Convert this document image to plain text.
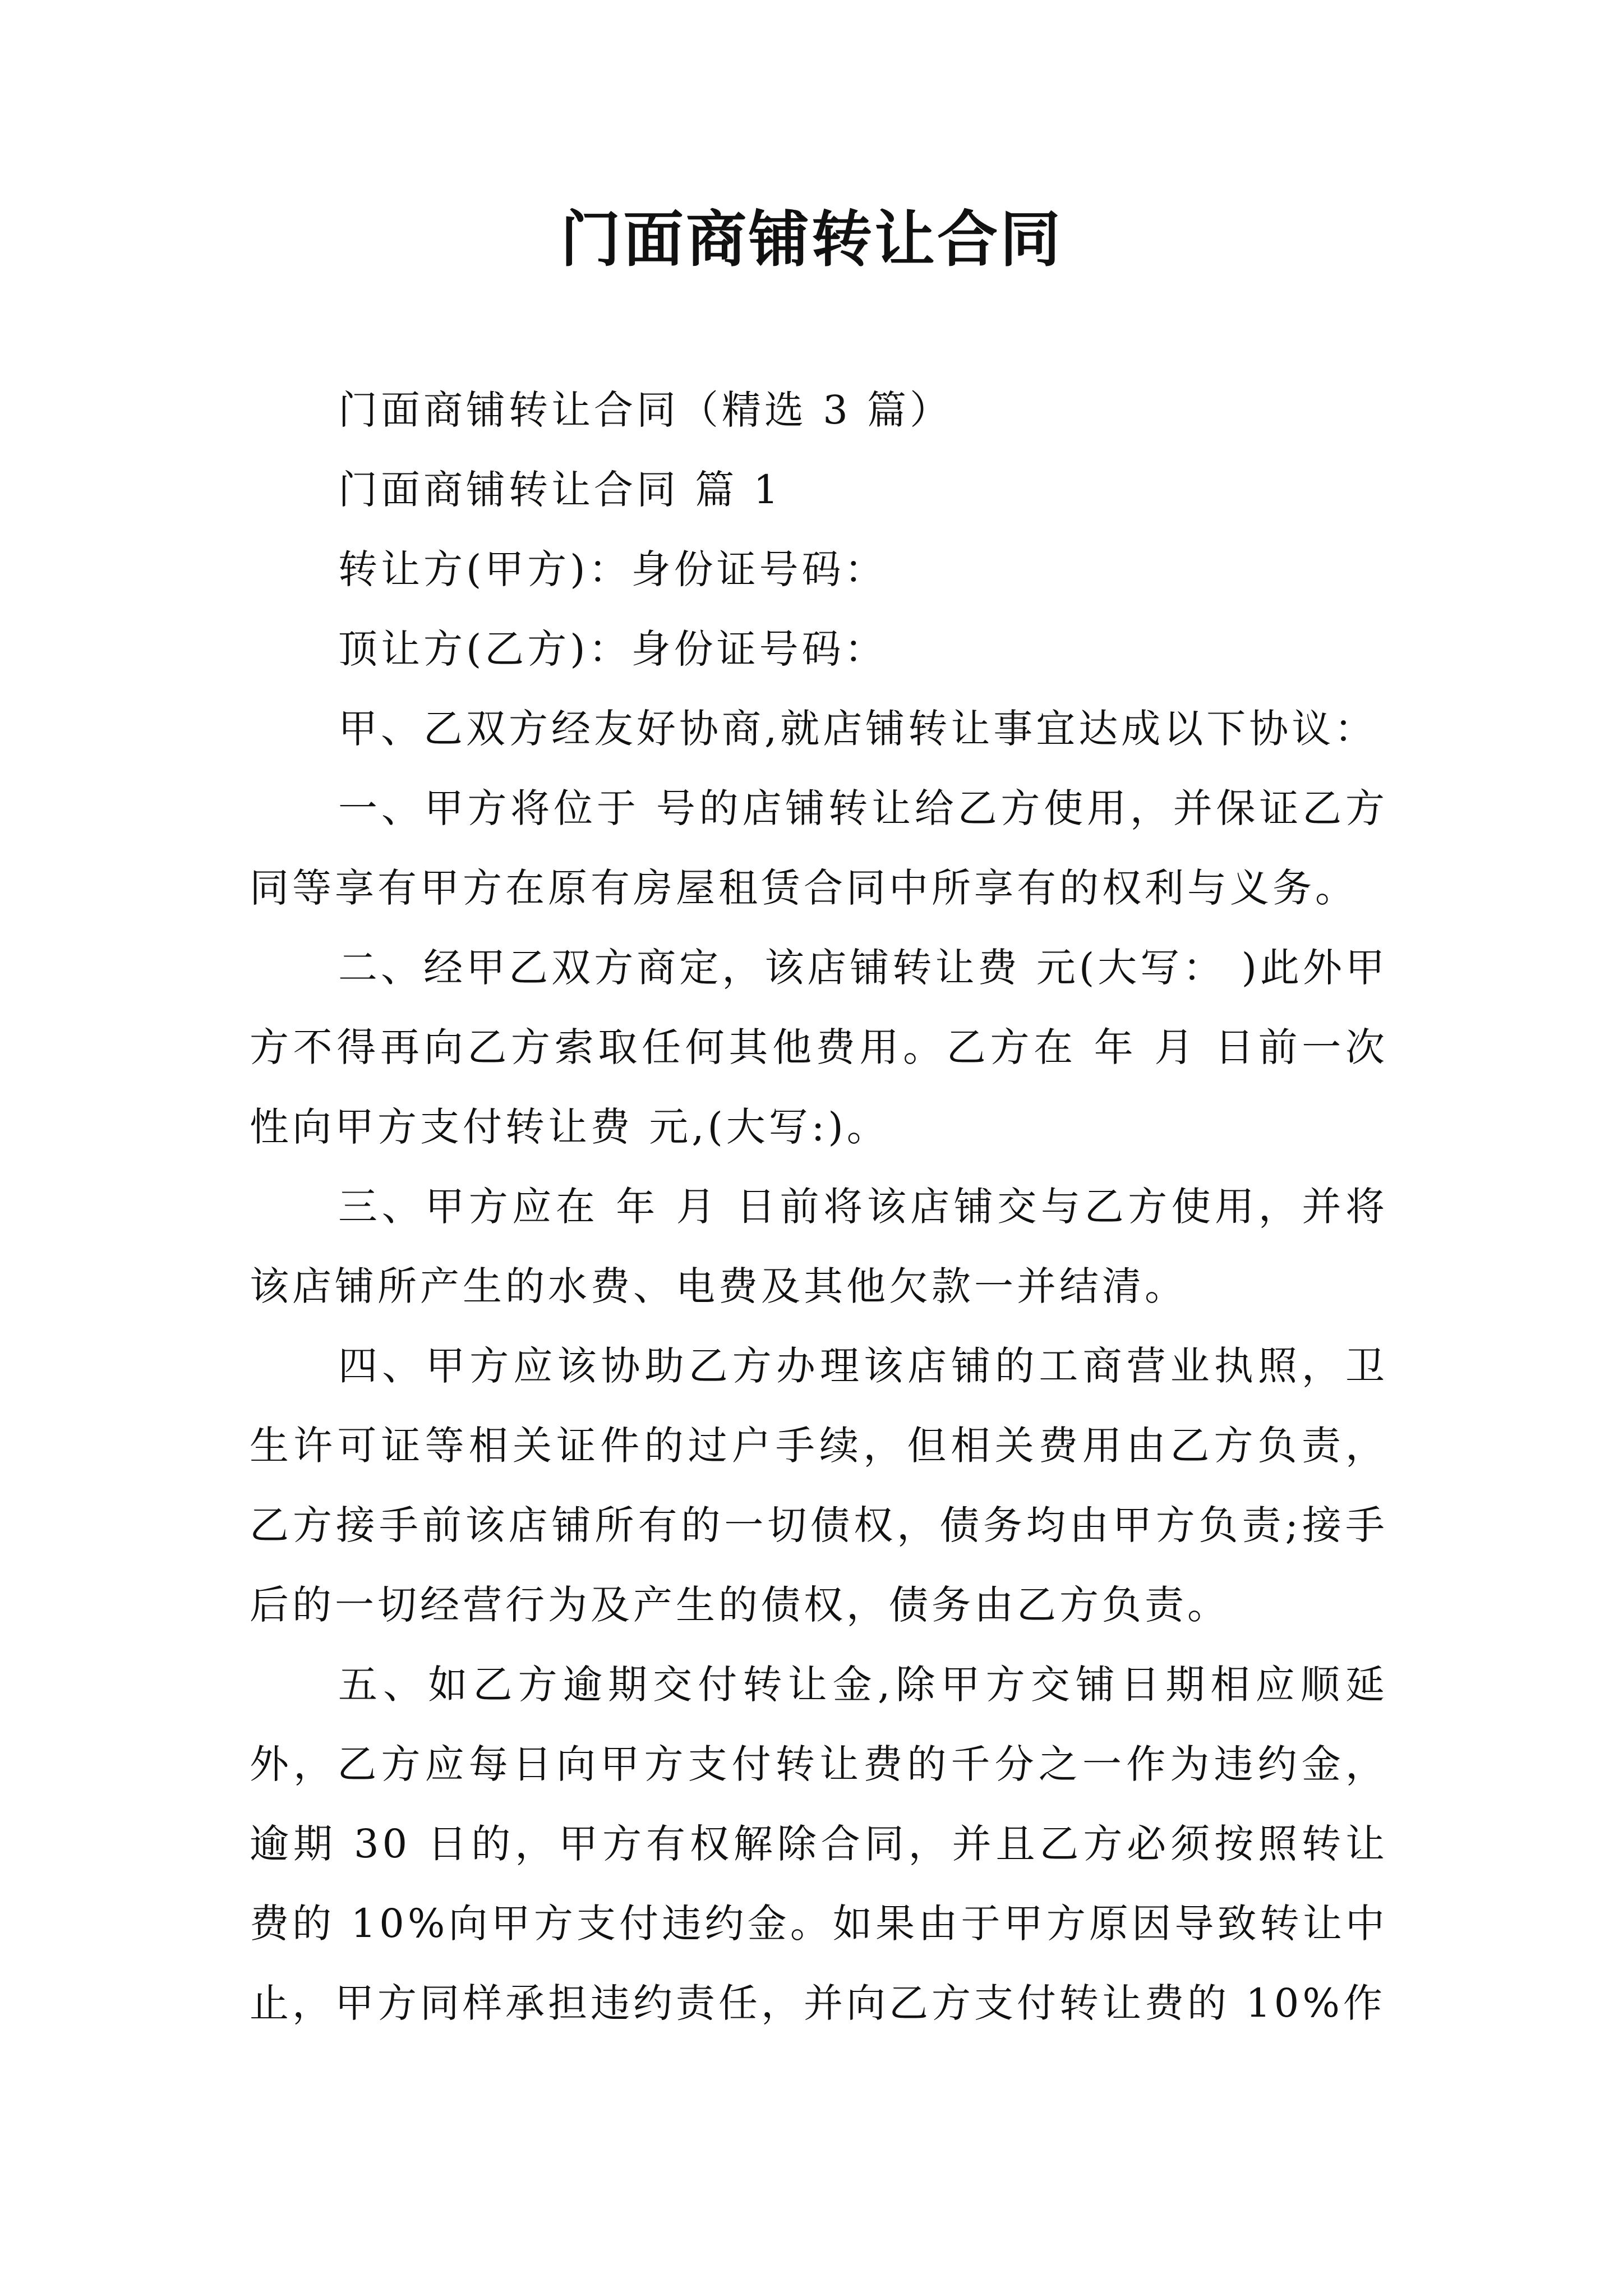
门面商铺转让合同

门面商铺转让合同（精选 3 篇）

门面商铺转让合同 篇 1

转让方(甲方)：身份证号码：

顶让方(乙方)：身份证号码：

甲、乙双方经友好协商,就店铺转让事宜达成以下协议：

一、甲方将位于 号的店铺转让给乙方使用，并保证乙方同等享有甲方在原有房屋租赁合同中所享有的权利与义务。

二、经甲乙双方商定，该店铺转让费 元(大写： )此外甲方不得再向乙方索取任何其他费用。乙方在 年 月 日前一次性向甲方支付转让费 元,(大写:)。

三、甲方应在 年 月 日前将该店铺交与乙方使用，并将该店铺所产生的水费、电费及其他欠款一并结清。

四、甲方应该协助乙方办理该店铺的工商营业执照，卫生许可证等相关证件的过户手续，但相关费用由乙方负责，乙方接手前该店铺所有的一切债权，债务均由甲方负责;接手后的一切经营行为及产生的债权，债务由乙方负责。

五、如乙方逾期交付转让金,除甲方交铺日期相应顺延外，乙方应每日向甲方支付转让费的千分之一作为违约金，逾期 30 日的，甲方有权解除合同，并且乙方必须按照转让费的 10%向甲方支付违约金。如果由于甲方原因导致转让中止，甲方同样承担违约责任，并向乙方支付转让费的 10%作
